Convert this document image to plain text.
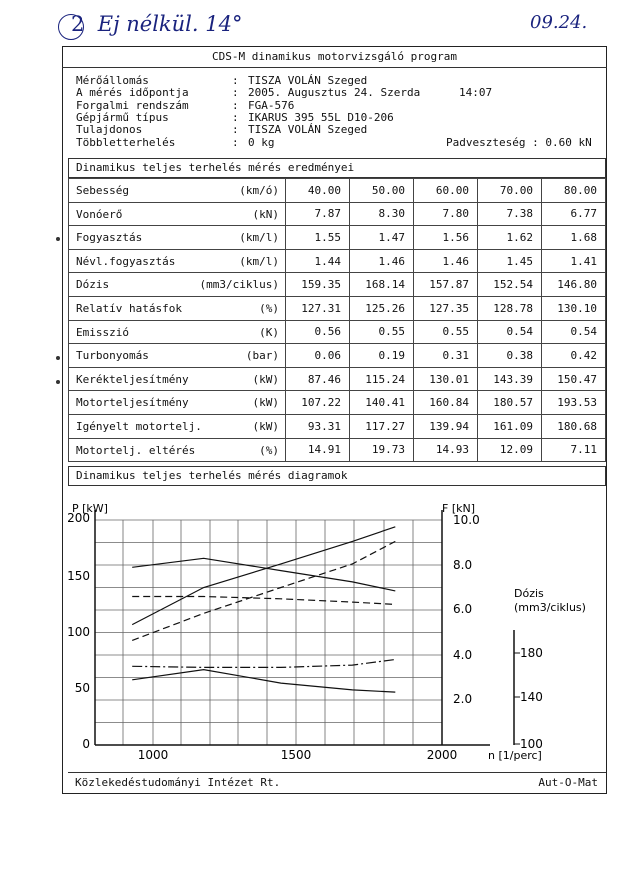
2 Ej nélkül. 14°	09.24.
CDS-M dinamikus motorvizsgáló program
Mérőállomás	: TISZA VOLÁN Szeged
A mérés időpontja	: 2005. Augusztus 24. Szerda	14:07
Forgalmi rendszám	: FGA-576
Gépjármű típus	: IKARUS 395 55L D10-206
Tulajdonos	: TISZA VOLÁN Szeged
Többletterhelés	: 0 kg	Padveszteség : 0.60 kN
Dinamikus teljes terhelés mérés eredményei
Sebesség (km/ó)	40.00	50.00	60.00	70.00	80.00

Vonóerő (kN)	7.87	8.30	7.80	7.38	6.77

Fogyasztás (km/l)	1.55	1.47	1.56	1.62	1.68

Névl.fogyasztás (km/l)	1.44	1.46	1.46	1.45	1.41

Dózis (mm3/ciklus)	159.35	168.14	157.87	152.54	146.80

Relatív hatásfok (%)	127.31	125.26	127.35	128.78	130.10

Emisszió (K)	0.56	0.55	0.55	0.54	0.54

Turbonyomás (bar)	0.06	0.19	0.31	0.38	0.42

Kerékteljesítmény (kW)	87.46	115.24	130.01	143.39	150.47

Motorteljesítmény (kW)	107.22	140.41	160.84	180.57	193.53

Igényelt motortelj. (kW)	93.31	117.27	139.94	161.09	180.68

Motortelj. eltérés (%)	14.91	19.73	14.93	12.09	7.11
Dinamikus teljes terhelés mérés diagramok
P [kW]
200
150
100
50
0
F [kN]
10.0
8.0
6.0
4.0
2.0
Dózis
(mm3/ciklus)
180
140
100
1000	1500	2000	n [1/perc]
Közlekedéstudományi Intézet Rt.	Aut-O-Mat
